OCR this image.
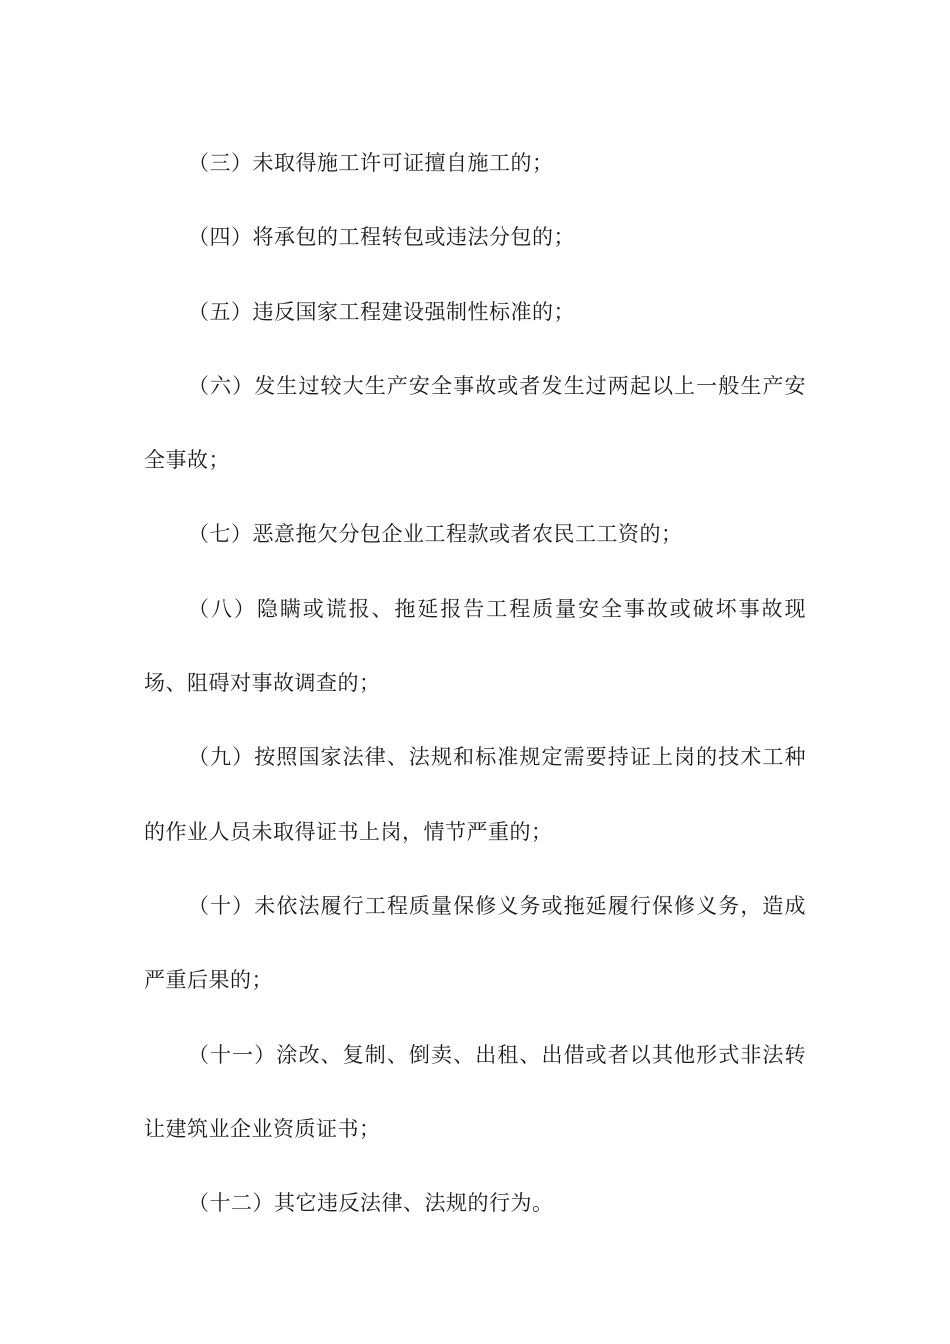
（三）未取得施工许可证擅自施工的；

（四）将承包的工程转包或违法分包的；

（五）违反国家工程建设强制性标准的；

（六）发生过较大生产安全事故或者发生过两起以上一般生产安全事故；

（七）恶意拖欠分包企业工程款或者农民工工资的；

（八）隐瞒或谎报、拖延报告工程质量安全事故或破坏事故现场、阻碍对事故调查的；

（九）按照国家法律、法规和标准规定需要持证上岗的技术工种的作业人员未取得证书上岗，情节严重的；

（十）未依法履行工程质量保修义务或拖延履行保修义务，造成严重后果的；

（十一）涂改、复制、倒卖、出租、出借或者以其他形式非法转让建筑业企业资质证书；

（十二）其它违反法律、法规的行为。
